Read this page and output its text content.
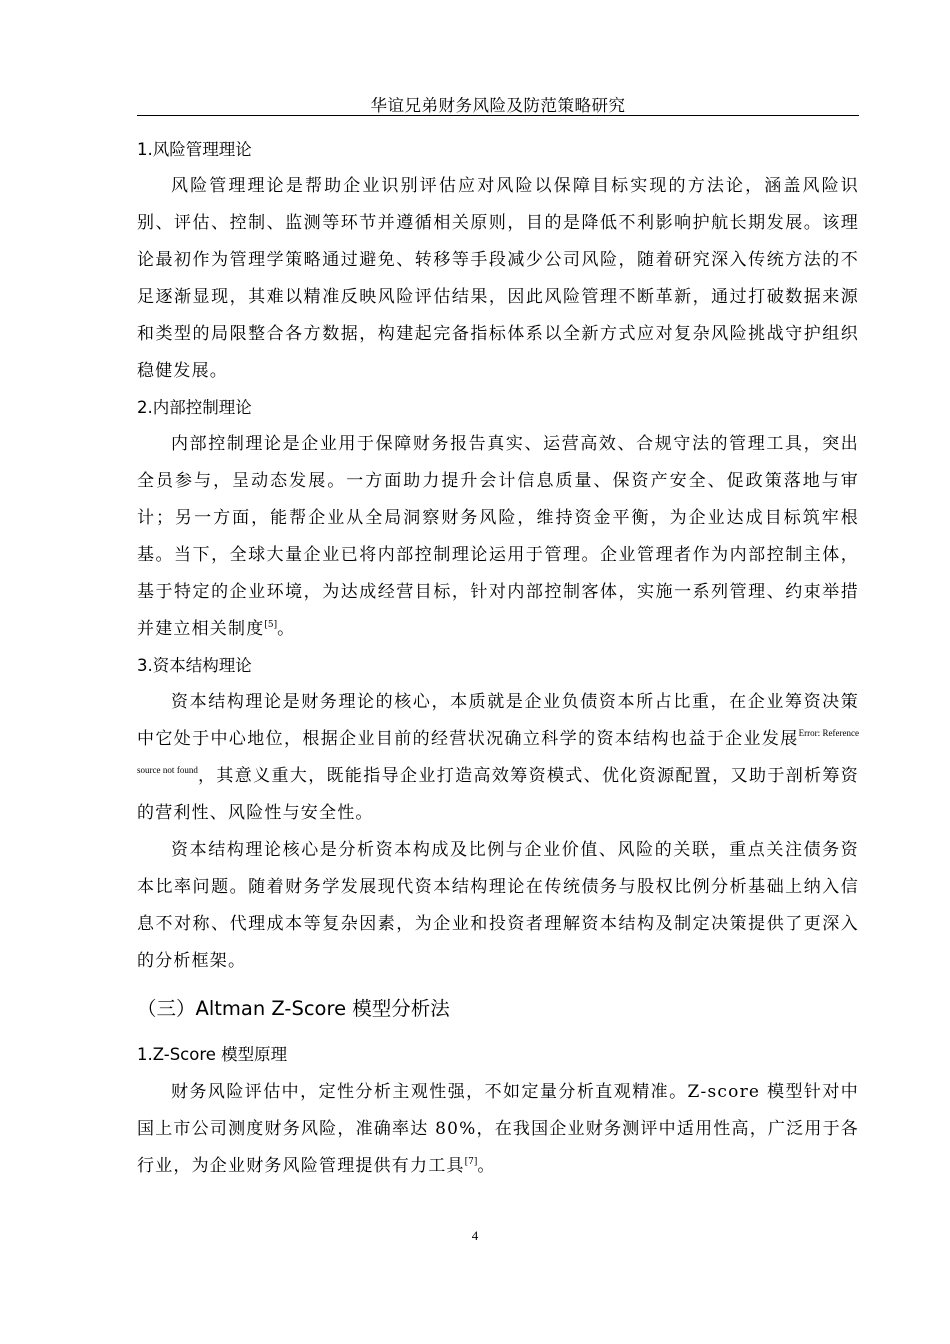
华谊兄弟财务风险及防范策略研究
1.风险管理理论
风险管理理论是帮助企业识别评估应对风险以保障目标实现的方法论，涵盖风险识别、评估、控制、监测等环节并遵循相关原则，目的是降低不利影响护航长期发展。该理论最初作为管理学策略通过避免、转移等手段减少公司风险，随着研究深入传统方法的不足逐渐显现，其难以精准反映风险评估结果，因此风险管理不断革新，通过打破数据来源和类型的局限整合各方数据，构建起完备指标体系以全新方式应对复杂风险挑战守护组织稳健发展。
2.内部控制理论
内部控制理论是企业用于保障财务报告真实、运营高效、合规守法的管理工具，突出全员参与，呈动态发展。一方面助力提升会计信息质量、保资产安全、促政策落地与审计；另一方面，能帮企业从全局洞察财务风险，维持资金平衡，为企业达成目标筑牢根基。当下，全球大量企业已将内部控制理论运用于管理。企业管理者作为内部控制主体，基于特定的企业环境，为达成经营目标，针对内部控制客体，实施一系列管理、约束举措并建立相关制度[5]。
3.资本结构理论
资本结构理论是财务理论的核心，本质就是企业负债资本所占比重，在企业筹资决策中它处于中心地位，根据企业目前的经营状况确立科学的资本结构也益于企业发展$^{Error: Reference source not found}$，其意义重大，既能指导企业打造高效筹资模式、优化资源配置，又助于剖析筹资的营利性、风险性与安全性。
资本结构理论核心是分析资本构成及比例与企业价值、风险的关联，重点关注债务资本比率问题。随着财务学发展现代资本结构理论在传统债务与股权比例分析基础上纳入信息不对称、代理成本等复杂因素，为企业和投资者理解资本结构及制定决策提供了更深入的分析框架。
（三）Altman Z-Score 模型分析法
1.Z-Score 模型原理
财务风险评估中，定性分析主观性强，不如定量分析直观精准。Z-score 模型针对中国上市公司测度财务风险，准确率达 80%，在我国企业财务测评中适用性高，广泛用于各行业，为企业财务风险管理提供有力工具[7]。
4
